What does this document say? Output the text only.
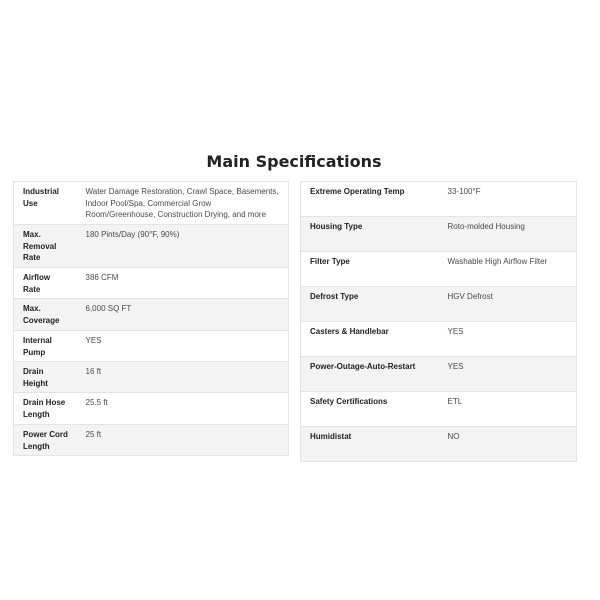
Main Specifications
Industrial Use	Water Damage Restoration, Crawl Space, Basements, Indoor Pool/Spa, Commercial Grow Room/Greenhouse, Construction Drying, and more
Max. Removal Rate	180 Pints/Day (90°F, 90%)
Airflow Rate	386 CFM
Max. Coverage	6,000 SQ FT
Internal Pump	YES
Drain Height	16 ft
Drain Hose Length	25.5 ft
Power Cord Length	25 ft
Extreme Operating Temp	33-100°F
Housing Type	Roto-molded Housing
Filter Type	Washable High Airflow Filter
Defrost Type	HGV Defrost
Casters & Handlebar	YES
Power-Outage-Auto-Restart	YES
Safety Certifications	ETL
Humidistat	NO
